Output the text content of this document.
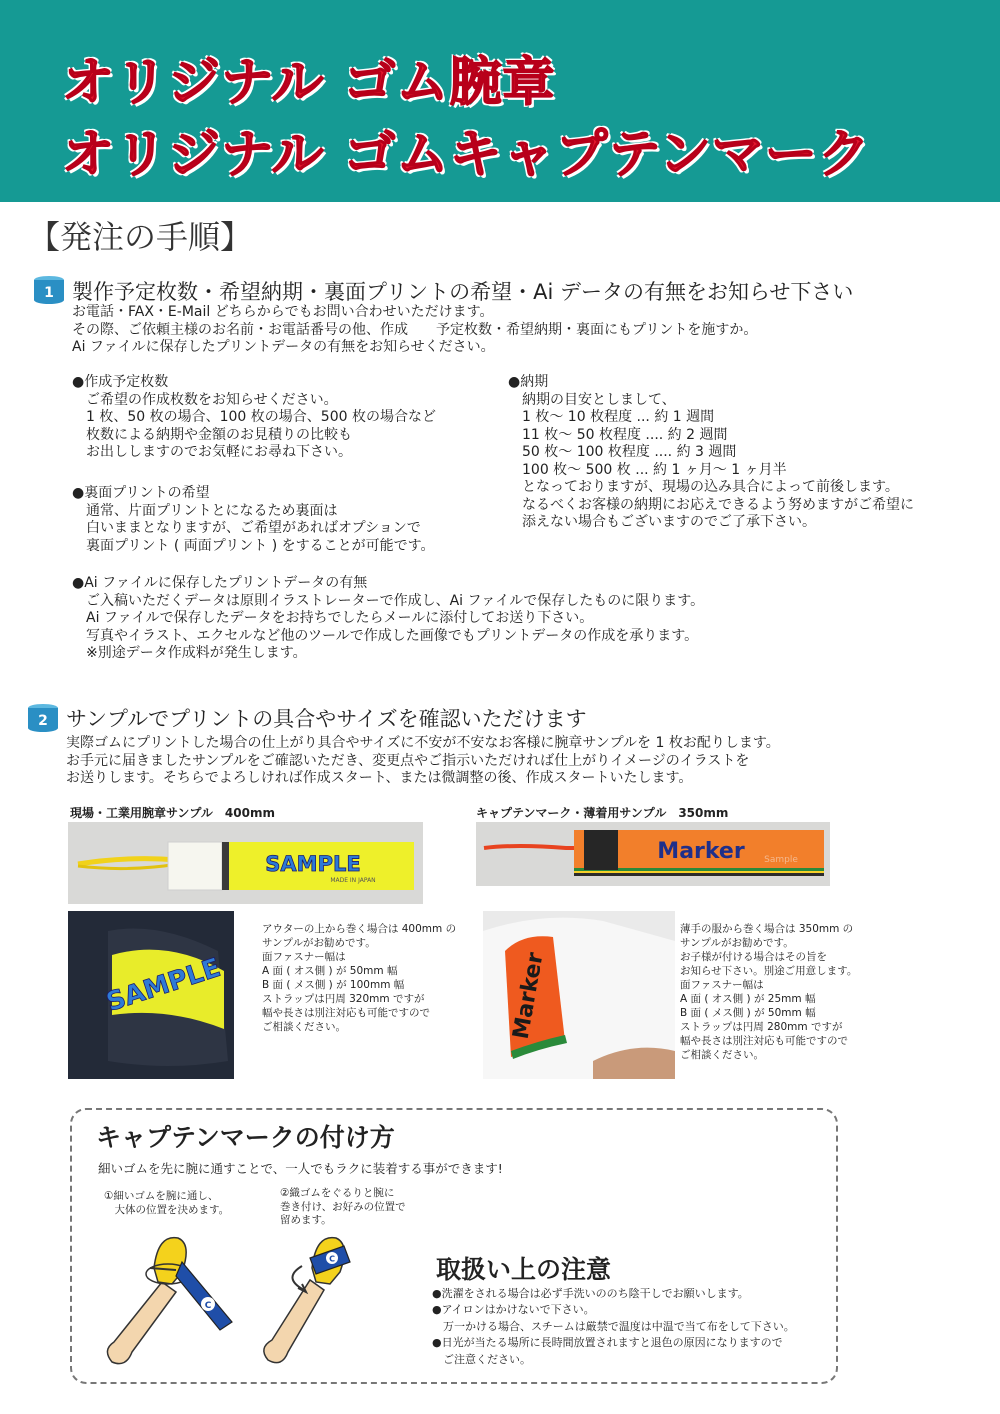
オリジナル ゴム腕章
オリジナル ゴムキャプテンマーク
【発注の手順】
1 製作予定枚数・希望納期・裏面プリントの希望・Ai データの有無をお知らせ下さい
お電話・FAX・E-Mail どちらからでもお問い合わせいただけます。
その際、ご依頼主様のお名前・お電話番号の他、作成　　予定枚数・希望納期・裏面にもプリントを施すか。
Ai ファイルに保存したプリントデータの有無をお知らせください。
●作成予定枚数
　ご希望の作成枚数をお知らせください。
　1 枚、50 枚の場合、100 枚の場合、500 枚の場合など
　枚数による納期や金額のお見積りの比較も
　お出ししますのでお気軽にお尋ね下さい。
●納期
　納期の目安としまして、
　1 枚～ 10 枚程度 ... 約 1 週間
　11 枚～ 50 枚程度 .... 約 2 週間
　50 枚～ 100 枚程度 .... 約 3 週間
　100 枚～ 500 枚 ... 約 1 ヶ月～ 1 ヶ月半
　となっておりますが、現場の込み具合によって前後します。
　なるべくお客様の納期にお応えできるよう努めますがご希望に
　添えない場合もございますのでご了承下さい。
●裏面プリントの希望
　通常、片面プリントとになるため裏面は
　白いままとなりますが、ご希望があればオプションで
　裏面プリント ( 両面プリント ) をすることが可能です。
●Ai ファイルに保存したプリントデータの有無
　ご入稿いただくデータは原則イラストレーターで作成し、Ai ファイルで保存したものに限ります。
　Ai ファイルで保存したデータをお持ちでしたらメールに添付してお送り下さい。
　写真やイラスト、エクセルなど他のツールで作成した画像でもプリントデータの作成を承ります。
　※別途データ作成料が発生します。
2 サンプルでプリントの具合やサイズを確認いただけます
実際ゴムにプリントした場合の仕上がり具合やサイズに不安が不安なお客様に腕章サンプルを 1 枚お配りします。
お手元に届きましたサンプルをご確認いただき、変更点やご指示いただければ仕上がりイメージのイラストを
お送りします。そちらでよろしければ作成スタート、または微調整の後、作成スタートいたします。
現場・工業用腕章サンプル　400mm	キャプテンマーク・薄着用サンプル　350mm
SAMPLE
MADE IN JAPAN
Marker Sample
SAMPLE	Marker
アウターの上から巻く場合は 400mm の
サンプルがお勧めです。
面ファスナー幅は
A 面 ( オス側 ) が 50mm 幅
B 面 ( メス側 ) が 100mm 幅
ストラップは円周 320mm ですが
幅や長さは別注対応も可能ですので
ご相談ください。
薄手の服から巻く場合は 350mm の
サンプルがお勧めです。
お子様が付ける場合はその旨を
お知らせ下さい。別途ご用意します。
面ファスナー幅は
A 面 ( オス側 ) が 25mm 幅
B 面 ( メス側 ) が 50mm 幅
ストラップは円周 280mm ですが
幅や長さは別注対応も可能ですので
ご相談ください。
キャプテンマークの付け方
細いゴムを先に腕に通すことで、一人でもラクに装着する事ができます!
①細いゴムを腕に通し、
　大体の位置を決めます。
②織ゴムをぐるりと腕に
巻き付け、お好みの位置で
留めます。
C
C	取扱い上の注意
●洗濯をされる場合は必ず手洗いののち陰干しでお願いします。
●アイロンはかけないで下さい。
　万一かける場合、スチームは厳禁で温度は中温で当て布をして下さい。
●日光が当たる場所に長時間放置されますと退色の原因になりますので
　ご注意ください。
